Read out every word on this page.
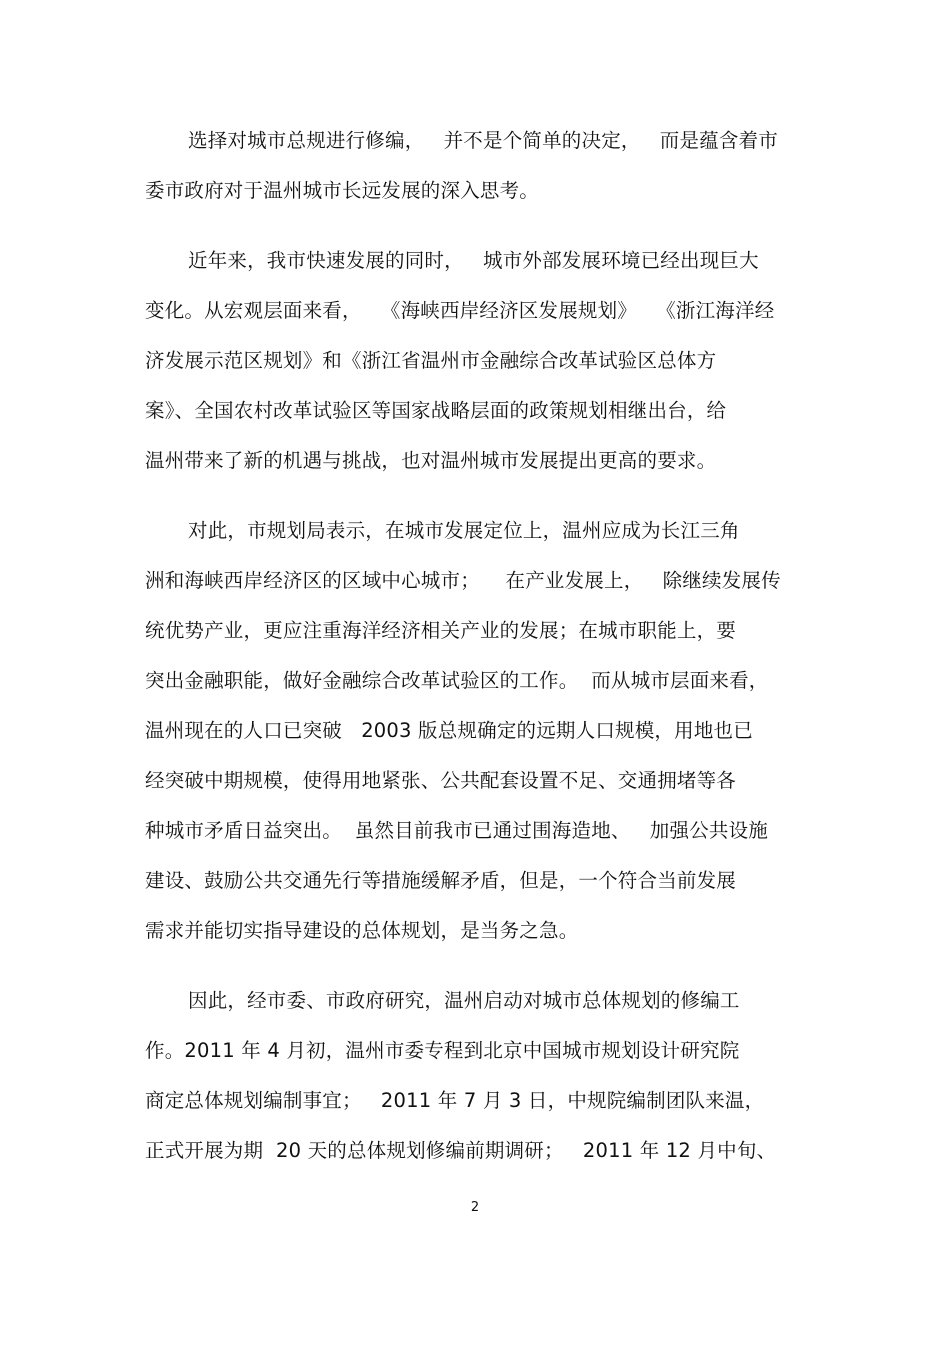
选择对城市总规进行修编，   并不是个简单的决定，   而是蕴含着市
委市政府对于温州城市长远发展的深入思考。
近年来，我市快速发展的同时，   城市外部发展环境已经出现巨大
变化。从宏观层面来看，   《海峡西岸经济区发展规划》   《浙江海洋经
济发展示范区规划》和《浙江省温州市金融综合改革试验区总体方
案》、全国农村改革试验区等国家战略层面的政策规划相继出台，给
温州带来了新的机遇与挑战，也对温州城市发展提出更高的要求。
对此，市规划局表示，在城市发展定位上，温州应成为长江三角
洲和海峡西岸经济区的区域中心城市；    在产业发展上，   除继续发展传
统优势产业，更应注重海洋经济相关产业的发展；在城市职能上，要
突出金融职能，做好金融综合改革试验区的工作。  而从城市层面来看，
温州现在的人口已突破   2003 版总规确定的远期人口规模，用地也已
经突破中期规模，使得用地紧张、公共配套设置不足、交通拥堵等各
种城市矛盾日益突出。  虽然目前我市已通过围海造地、   加强公共设施
建设、鼓励公共交通先行等措施缓解矛盾，但是，一个符合当前发展
需求并能切实指导建设的总体规划，是当务之急。
因此，经市委、市政府研究，温州启动对城市总体规划的修编工
作。2011 年 4 月初，温州市委专程到北京中国城市规划设计研究院
商定总体规划编制事宜；   2011 年 7 月 3 日，中规院编制团队来温，
正式开展为期  20 天的总体规划修编前期调研；   2011 年 12 月中旬、
2
